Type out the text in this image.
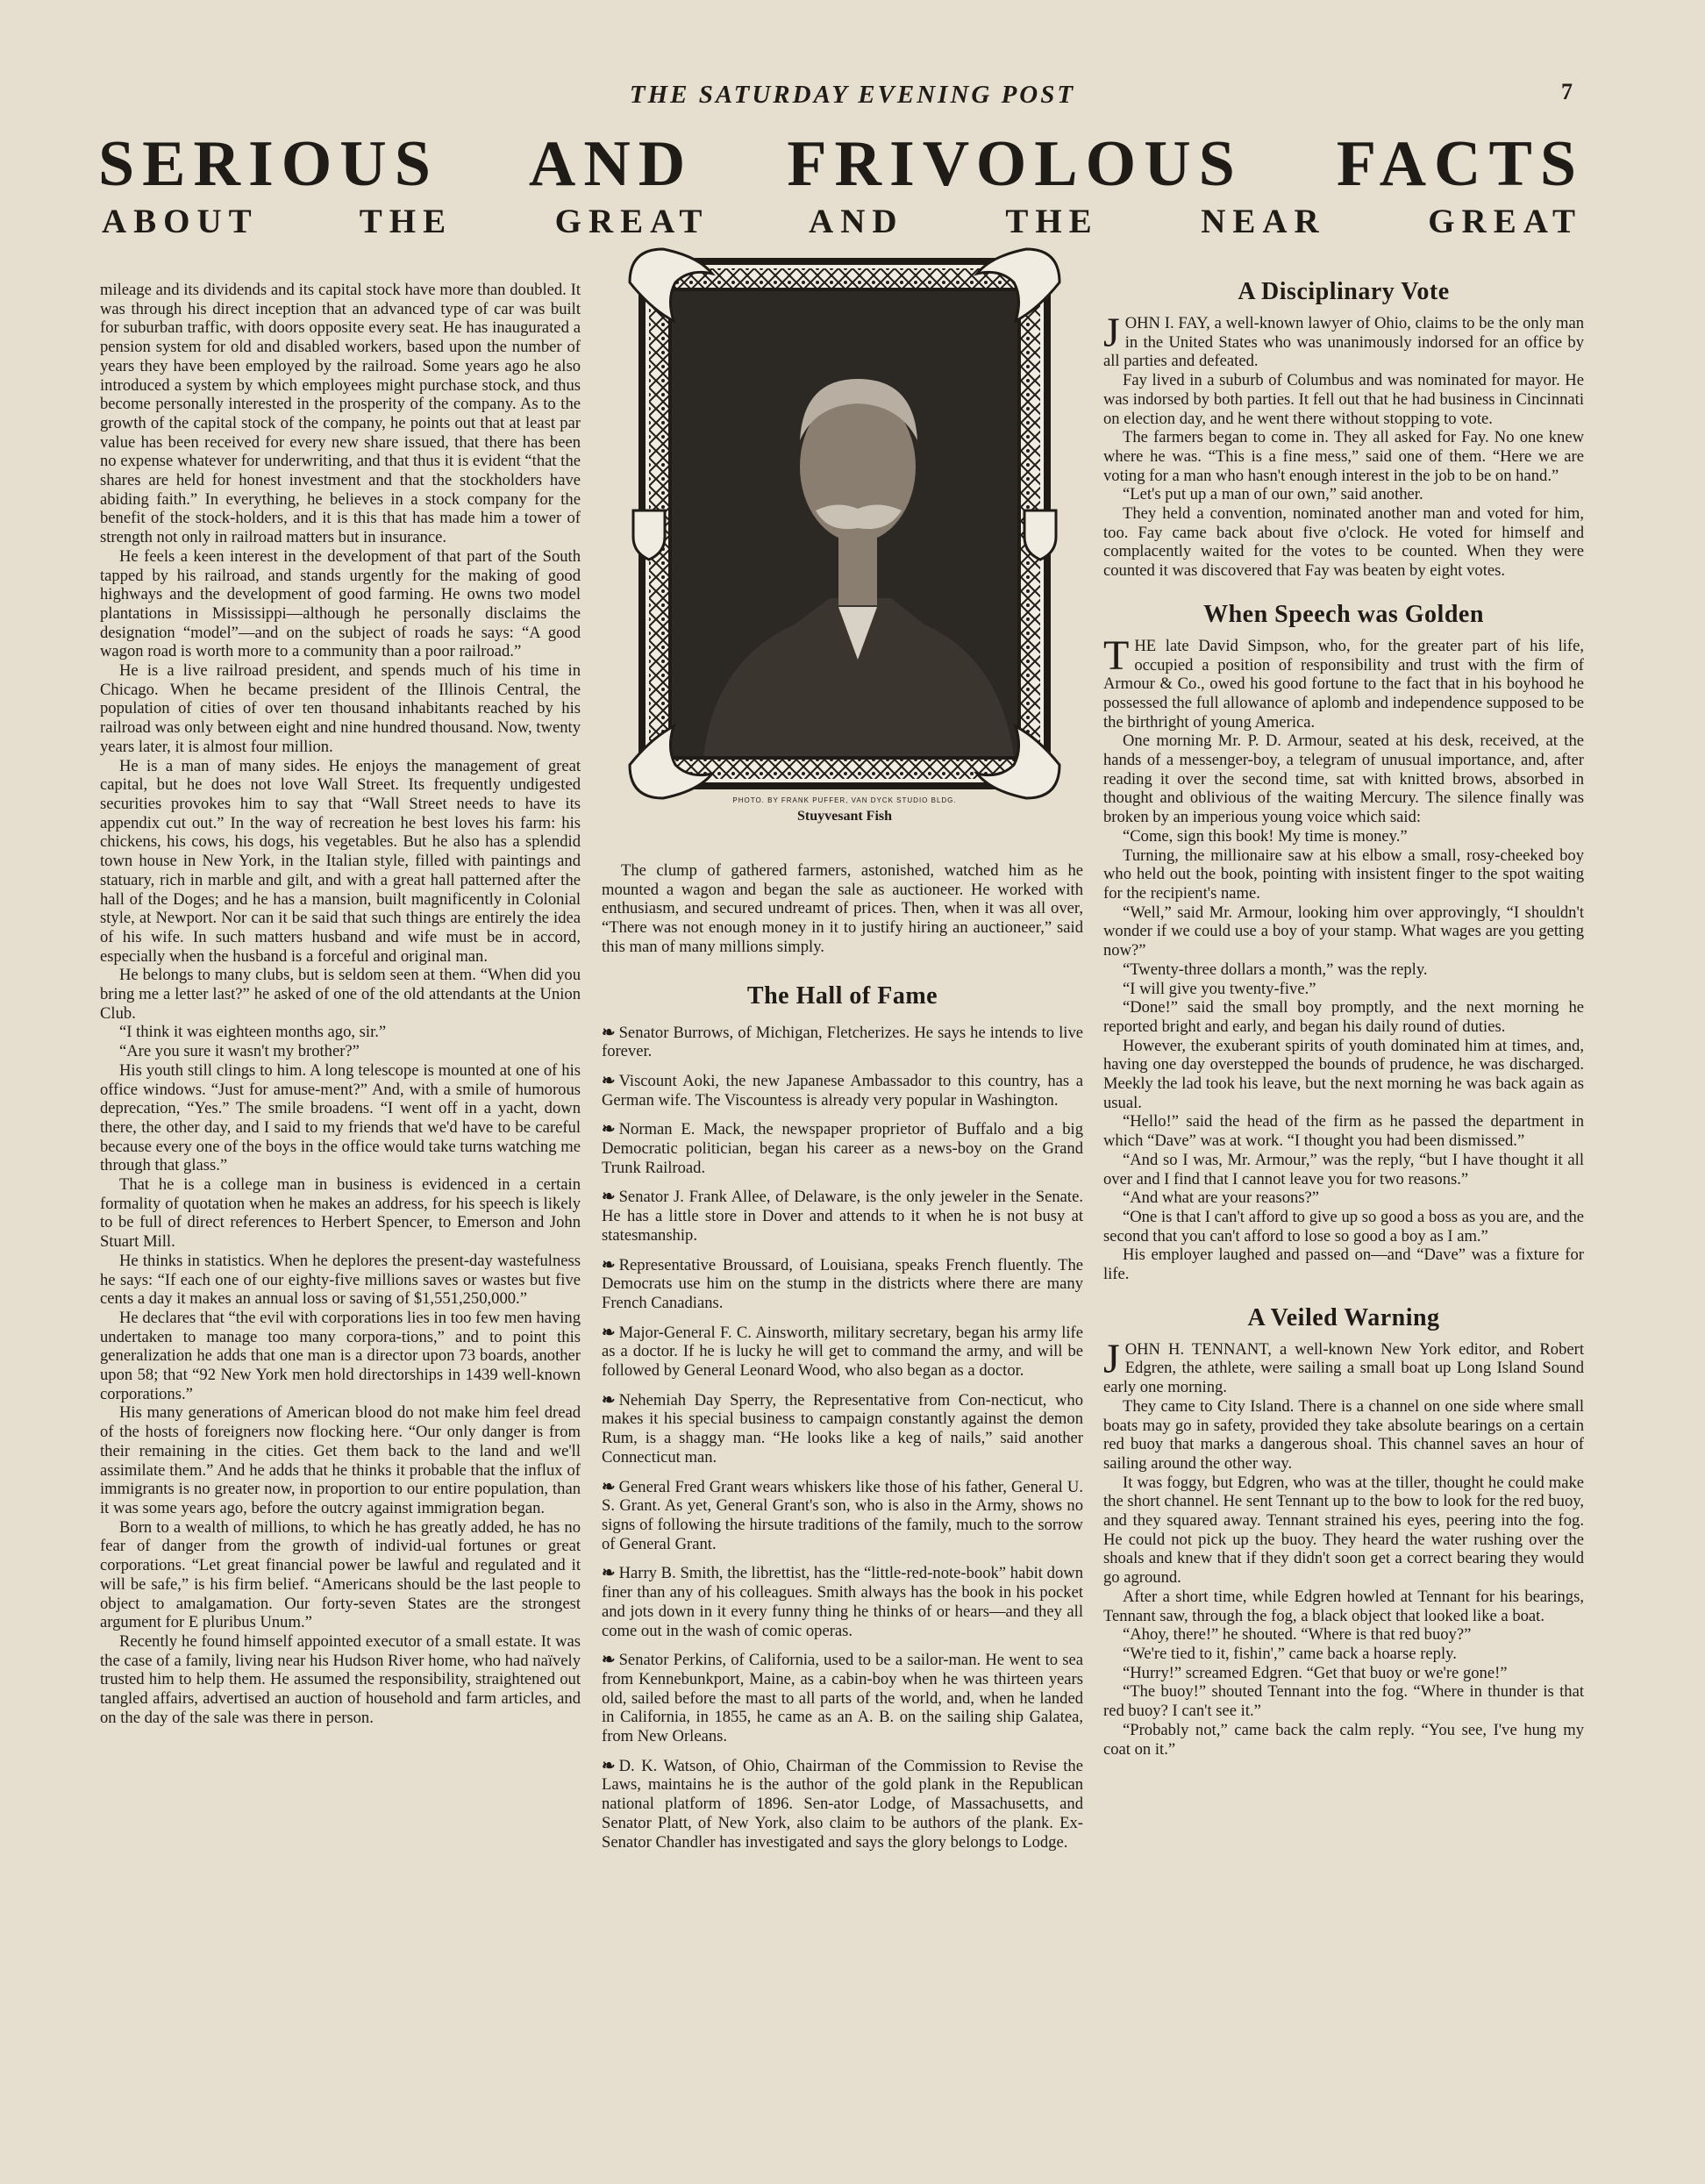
THE SATURDAY EVENING POST	7
SERIOUS AND FRIVOLOUS FACTS
ABOUT THE GREAT AND THE NEAR GREAT

mileage and its dividends and its capital stock have more than doubled. It was through his direct inception that an advanced type of car was built for suburban traffic, with doors opposite every seat. He has inaugurated a pension system for old and disabled workers, based upon the number of years they have been employed by the railroad. Some years ago he also introduced a system by which employees might purchase stock, and thus become personally interested in the prosperity of the company. As to the growth of the capital stock of the company, he points out that at least par value has been received for every new share issued, that there has been no expense whatever for underwriting, and that thus it is evident “that the shares are held for honest investment and that the stockholders have abiding faith.” In everything, he believes in a stock company for the benefit of the stock-holders, and it is this that has made him a tower of strength not only in railroad matters but in insurance.

He feels a keen interest in the development of that part of the South tapped by his railroad, and stands urgently for the making of good highways and the development of good farming. He owns two model plantations in Mississippi—although he personally disclaims the designation “model”—and on the subject of roads he says: “A good wagon road is worth more to a community than a poor railroad.”

He is a live railroad president, and spends much of his time in Chicago. When he became president of the Illinois Central, the population of cities of over ten thousand inhabitants reached by his railroad was only between eight and nine hundred thousand. Now, twenty years later, it is almost four million.

He is a man of many sides. He enjoys the management of great capital, but he does not love Wall Street. Its frequently undigested securities provokes him to say that “Wall Street needs to have its appendix cut out.” In the way of recreation he best loves his farm: his chickens, his cows, his dogs, his vegetables. But he also has a splendid town house in New York, in the Italian style, filled with paintings and statuary, rich in marble and gilt, and with a great hall patterned after the hall of the Doges; and he has a mansion, built magnificently in Colonial style, at Newport. Nor can it be said that such things are entirely the idea of his wife. In such matters husband and wife must be in accord, especially when the husband is a forceful and original man.

He belongs to many clubs, but is seldom seen at them. “When did you bring me a letter last?” he asked of one of the old attendants at the Union Club.

“I think it was eighteen months ago, sir.”

“Are you sure it wasn't my brother?”

His youth still clings to him. A long telescope is mounted at one of his office windows. “Just for amuse-ment?” And, with a smile of humorous deprecation, “Yes.” The smile broadens. “I went off in a yacht, down there, the other day, and I said to my friends that we'd have to be careful because every one of the boys in the office would take turns watching me through that glass.”

That he is a college man in business is evidenced in a certain formality of quotation when he makes an address, for his speech is likely to be full of direct references to Herbert Spencer, to Emerson and John Stuart Mill.

He thinks in statistics. When he deplores the present-day wastefulness he says: “If each one of our eighty-five millions saves or wastes but five cents a day it makes an annual loss or saving of $1,551,250,000.”

He declares that “the evil with corporations lies in too few men having undertaken to manage too many corpora-tions,” and to point this generalization he adds that one man is a director upon 73 boards, another upon 58; that “92 New York men hold directorships in 1439 well-known corporations.”

His many generations of American blood do not make him feel dread of the hosts of foreigners now flocking here. “Our only danger is from their remaining in the cities. Get them back to the land and we'll assimilate them.” And he adds that he thinks it probable that the influx of immigrants is no greater now, in proportion to our entire population, than it was some years ago, before the outcry against immigration began.

Born to a wealth of millions, to which he has greatly added, he has no fear of danger from the growth of individ-ual fortunes or great corporations. “Let great financial power be lawful and regulated and it will be safe,” is his firm belief. “Americans should be the last people to object to amalgamation. Our forty-seven States are the strongest argument for E pluribus Unum.”

Recently he found himself appointed executor of a small estate. It was the case of a family, living near his Hudson River home, who had naïvely trusted him to help them. He assumed the responsibility, straightened out tangled affairs, advertised an auction of household and farm articles, and on the day of the sale was there in person.

PHOTO. BY FRANK PUFFER, VAN DYCK STUDIO BLDG.
Stuyvesant Fish

The clump of gathered farmers, astonished, watched him as he mounted a wagon and began the sale as auctioneer. He worked with enthusiasm, and secured undreamt of prices. Then, when it was all over, “There was not enough money in it to justify hiring an auctioneer,” said this man of many millions simply.

The Hall of Fame

❧ Senator Burrows, of Michigan, Fletcherizes. He says he intends to live forever.

❧ Viscount Aoki, the new Japanese Ambassador to this country, has a German wife. The Viscountess is already very popular in Washington.

❧ Norman E. Mack, the newspaper proprietor of Buffalo and a big Democratic politician, began his career as a news-boy on the Grand Trunk Railroad.

❧ Senator J. Frank Allee, of Delaware, is the only jeweler in the Senate. He has a little store in Dover and attends to it when he is not busy at statesmanship.

❧ Representative Broussard, of Louisiana, speaks French fluently. The Democrats use him on the stump in the districts where there are many French Canadians.

❧ Major-General F. C. Ainsworth, military secretary, began his army life as a doctor. If he is lucky he will get to command the army, and will be followed by General Leonard Wood, who also began as a doctor.

❧ Nehemiah Day Sperry, the Representative from Con-necticut, who makes it his special business to campaign constantly against the demon Rum, is a shaggy man. “He looks like a keg of nails,” said another Connecticut man.

❧ General Fred Grant wears whiskers like those of his father, General U. S. Grant. As yet, General Grant's son, who is also in the Army, shows no signs of following the hirsute traditions of the family, much to the sorrow of General Grant.

❧ Harry B. Smith, the librettist, has the “little-red-note-book” habit down finer than any of his colleagues. Smith always has the book in his pocket and jots down in it every funny thing he thinks of or hears—and they all come out in the wash of comic operas.

❧ Senator Perkins, of California, used to be a sailor-man. He went to sea from Kennebunkport, Maine, as a cabin-boy when he was thirteen years old, sailed before the mast to all parts of the world, and, when he landed in California, in 1855, he came as an A. B. on the sailing ship Galatea, from New Orleans.

❧ D. K. Watson, of Ohio, Chairman of the Commission to Revise the Laws, maintains he is the author of the gold plank in the Republican national platform of 1896. Sen-ator Lodge, of Massachusetts, and Senator Platt, of New York, also claim to be authors of the plank. Ex-Senator Chandler has investigated and says the glory belongs to Lodge.

A Disciplinary Vote

JOHN I. FAY, a well-known lawyer of Ohio, claims to be the only man in the United States who was unanimously indorsed for an office by all parties and defeated.

Fay lived in a suburb of Columbus and was nominated for mayor. He was indorsed by both parties. It fell out that he had business in Cincinnati on election day, and he went there without stopping to vote.

The farmers began to come in. They all asked for Fay. No one knew where he was. “This is a fine mess,” said one of them. “Here we are voting for a man who hasn't enough interest in the job to be on hand.”

“Let's put up a man of our own,” said another.

They held a convention, nominated another man and voted for him, too. Fay came back about five o'clock. He voted for himself and complacently waited for the votes to be counted. When they were counted it was discovered that Fay was beaten by eight votes.

When Speech was Golden

THE late David Simpson, who, for the greater part of his life, occupied a position of responsibility and trust with the firm of Armour & Co., owed his good fortune to the fact that in his boyhood he possessed the full allowance of aplomb and independence supposed to be the birthright of young America.

One morning Mr. P. D. Armour, seated at his desk, received, at the hands of a messenger-boy, a telegram of unusual importance, and, after reading it over the second time, sat with knitted brows, absorbed in thought and oblivious of the waiting Mercury. The silence finally was broken by an imperious young voice which said:

“Come, sign this book! My time is money.”

Turning, the millionaire saw at his elbow a small, rosy-cheeked boy who held out the book, pointing with insistent finger to the spot waiting for the recipient's name.

“Well,” said Mr. Armour, looking him over approvingly, “I shouldn't wonder if we could use a boy of your stamp. What wages are you getting now?”

“Twenty-three dollars a month,” was the reply.

“I will give you twenty-five.”

“Done!” said the small boy promptly, and the next morning he reported bright and early, and began his daily round of duties.

However, the exuberant spirits of youth dominated him at times, and, having one day overstepped the bounds of prudence, he was discharged. Meekly the lad took his leave, but the next morning he was back again as usual.

“Hello!” said the head of the firm as he passed the department in which “Dave” was at work. “I thought you had been dismissed.”

“And so I was, Mr. Armour,” was the reply, “but I have thought it all over and I find that I cannot leave you for two reasons.”

“And what are your reasons?”

“One is that I can't afford to give up so good a boss as you are, and the second that you can't afford to lose so good a boy as I am.”

His employer laughed and passed on—and “Dave” was a fixture for life.

A Veiled Warning

JOHN H. TENNANT, a well-known New York editor, and Robert Edgren, the athlete, were sailing a small boat up Long Island Sound early one morning.

They came to City Island. There is a channel on one side where small boats may go in safety, provided they take absolute bearings on a certain red buoy that marks a dangerous shoal. This channel saves an hour of sailing around the other way.

It was foggy, but Edgren, who was at the tiller, thought he could make the short channel. He sent Tennant up to the bow to look for the red buoy, and they squared away. Tennant strained his eyes, peering into the fog. He could not pick up the buoy. They heard the water rushing over the shoals and knew that if they didn't soon get a correct bearing they would go aground.

After a short time, while Edgren howled at Tennant for his bearings, Tennant saw, through the fog, a black object that looked like a boat.

“Ahoy, there!” he shouted. “Where is that red buoy?”

“We're tied to it, fishin',” came back a hoarse reply.

“Hurry!” screamed Edgren. “Get that buoy or we're gone!”

“The buoy!” shouted Tennant into the fog. “Where in thunder is that red buoy? I can't see it.”

“Probably not,” came back the calm reply. “You see, I've hung my coat on it.”
